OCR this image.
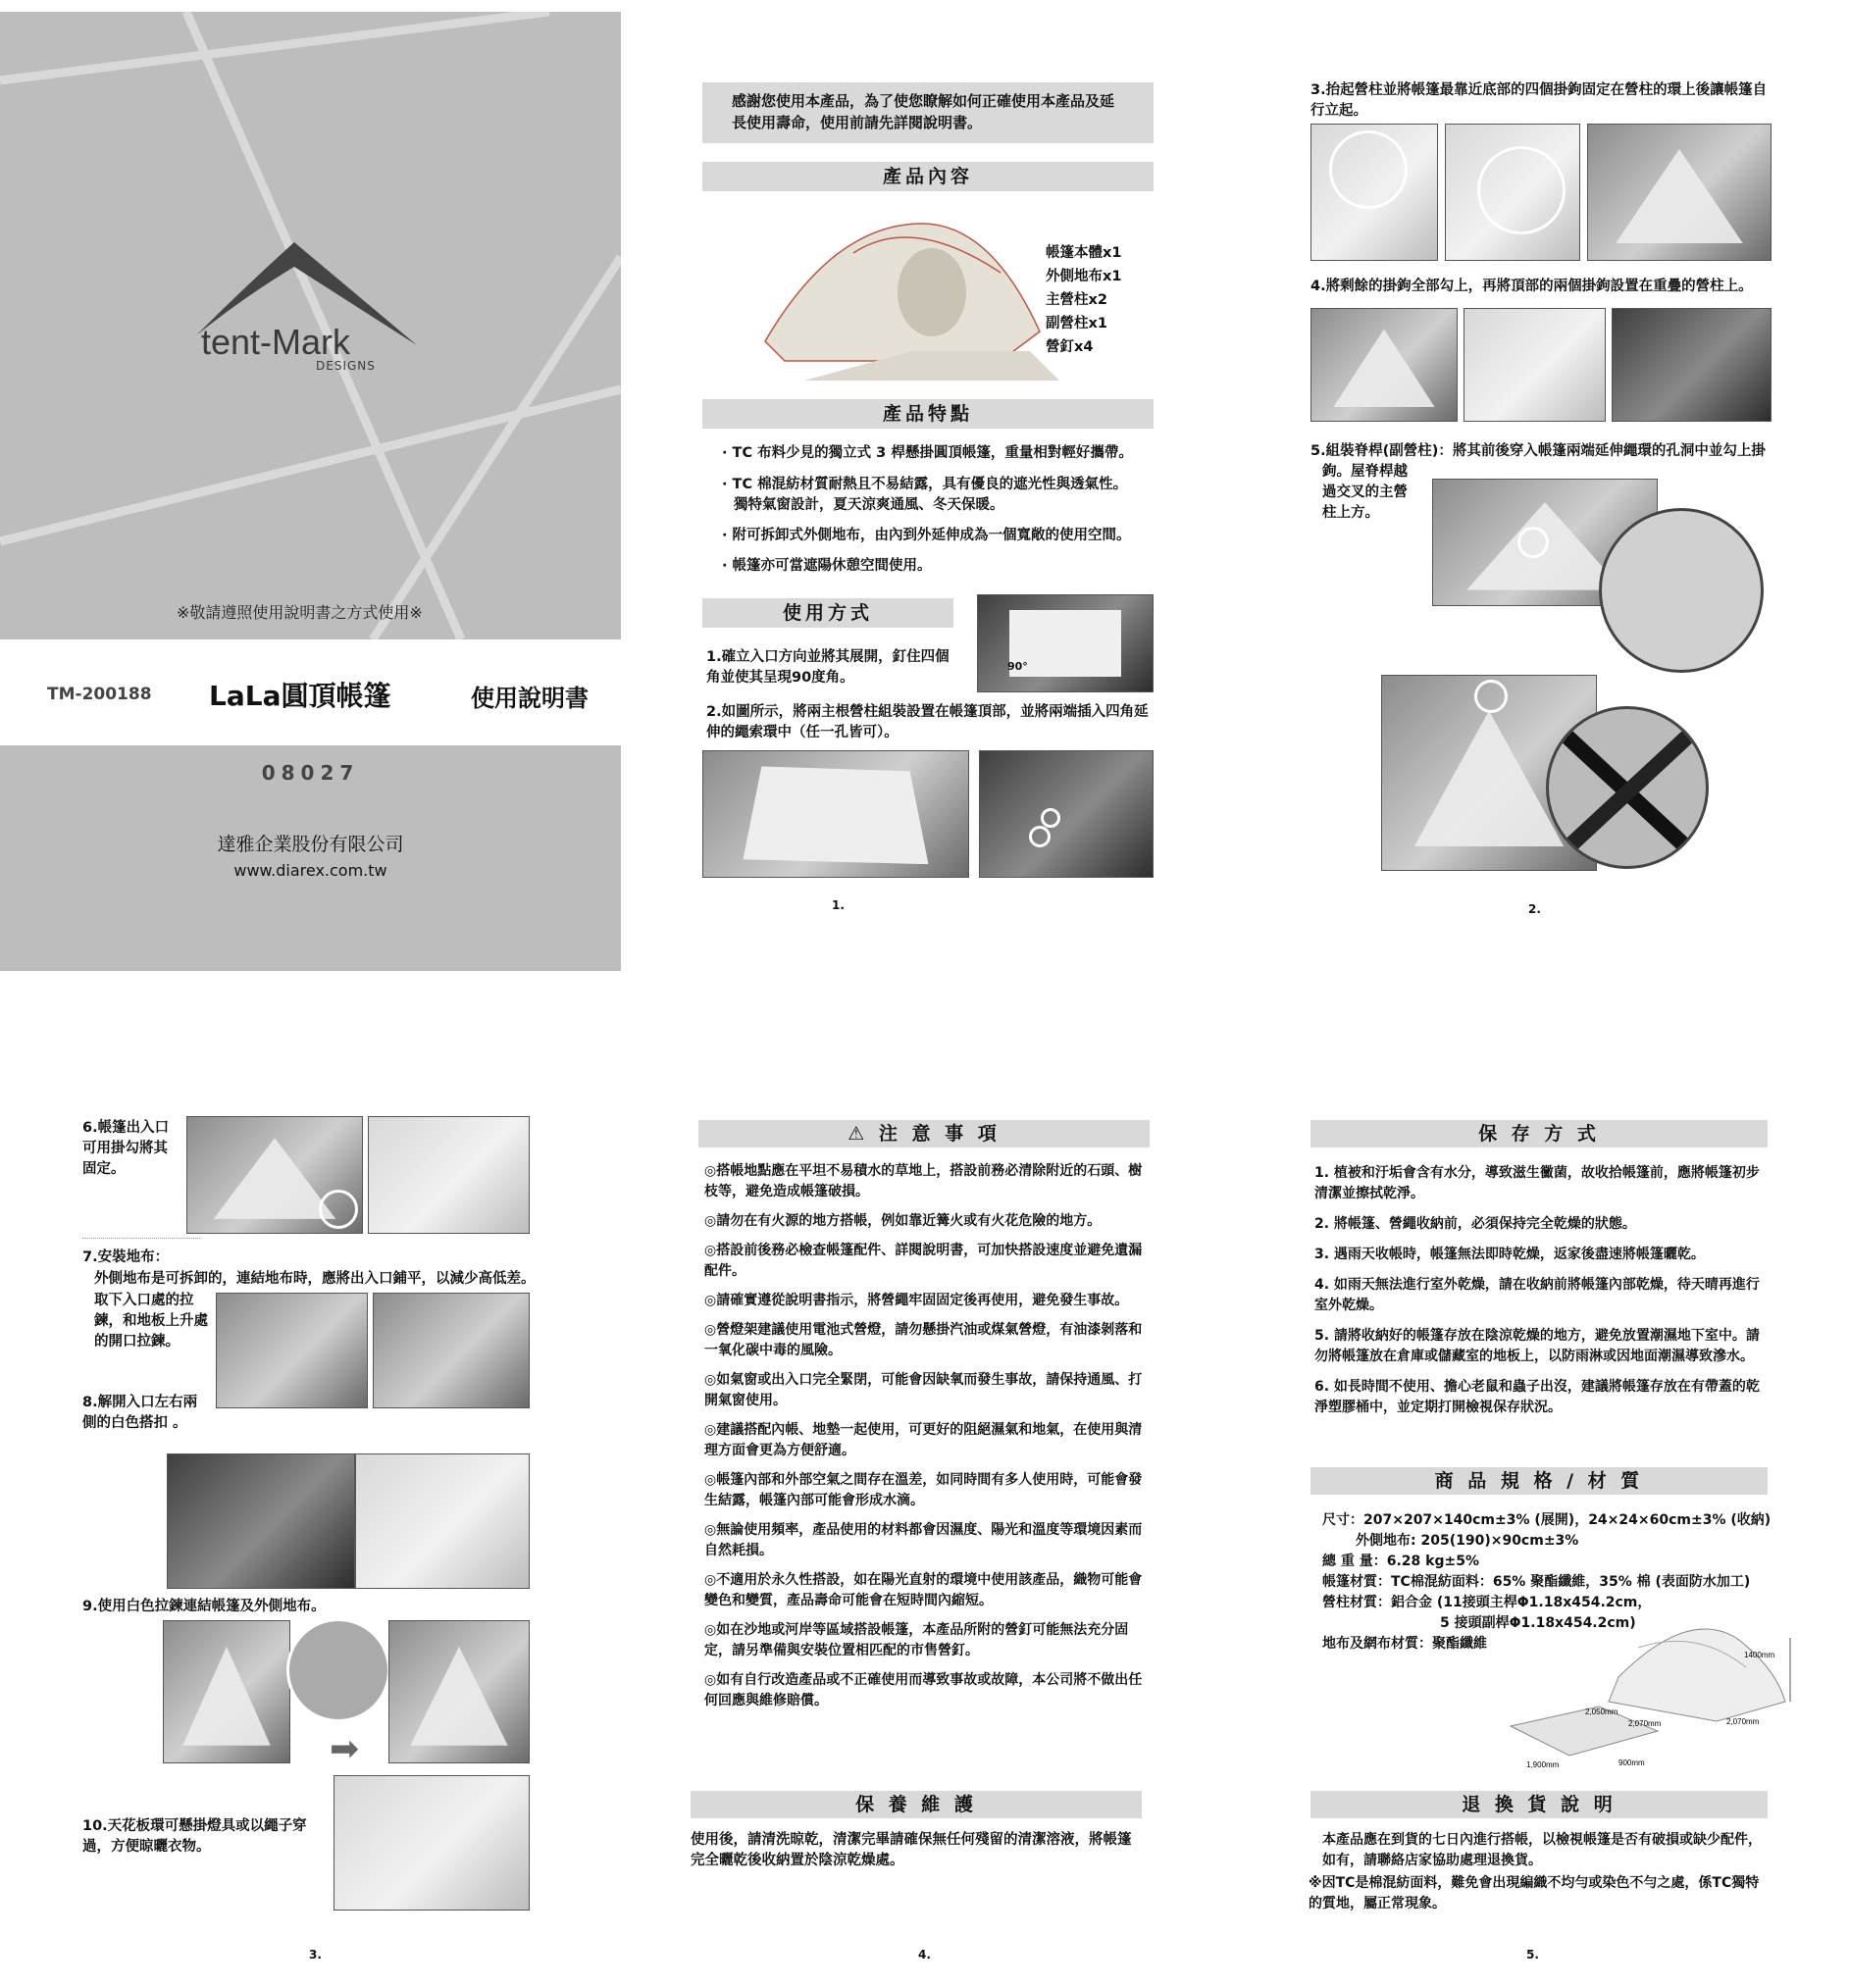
tent-Mark
DESIGNS
※敬請遵照使用說明書之方式使用※
TM-200188 LaLa圓頂帳篷	使用說明書
08027
達雅企業股份有限公司
www.diarex.com.tw
感謝您使用本產品，為了使您瞭解如何正確使用本產品及延長使用壽命，使用前請先詳閱說明書。
產品內容
帳篷本體x1
外側地布x1
主營柱x2
副營柱x1
營釘x4
產品特點
· TC 布料少見的獨立式 3 桿懸掛圓頂帳篷，重量相對輕好攜帶。
· TC 棉混紡材質耐熱且不易結露，具有優良的遮光性與透氣性。
獨特氣窗設計，夏天涼爽通風、冬天保暖。
· 附可拆卸式外側地布，由內到外延伸成為一個寬敞的使用空間。
· 帳篷亦可當遮陽休憩空間使用。
使用方式
1.確立入口方向並將其展開，釘住四個角並使其呈現90度角。
90°
2.如圖所示，將兩主根營柱組裝設置在帳篷頂部，並將兩端插入四角延伸的繩索環中（任一孔皆可）。
1.
3.抬起營柱並將帳篷最靠近底部的四個掛鉤固定在營柱的環上後讓帳篷自行立起。
4.將剩餘的掛鉤全部勾上，再將頂部的兩個掛鉤設置在重疊的營柱上。
5.組裝脊桿(副營柱)：將其前後穿入帳篷兩端延伸繩環的孔洞中並勾上掛
鉤。屋脊桿越過交叉的主營柱上方。
2.
6.帳篷出入口可用掛勾將其固定。
7.安裝地布：
外側地布是可拆卸的，連結地布時，應將出入口鋪平，以減少高低差。
取下入口處的拉鍊，和地板上升處的開口拉鍊。
8.解開入口左右兩側的白色搭扣 。
9.使用白色拉鍊連結帳篷及外側地布。
➡
10.天花板環可懸掛燈具或以繩子穿過，方便晾曬衣物。
3.
⚠ 注 意 事 項
◎搭帳地點應在平坦不易積水的草地上，搭設前務必清除附近的石頭、樹枝等，避免造成帳篷破損。
◎請勿在有火源的地方搭帳，例如靠近篝火或有火花危險的地方。
◎搭設前後務必檢查帳篷配件、詳閱說明書，可加快搭設速度並避免遺漏配件。
◎請確實遵從說明書指示，將營繩牢固固定後再使用，避免發生事故。
◎營燈架建議使用電池式營燈，請勿懸掛汽油或煤氣營燈，有油漆剝落和一氧化碳中毒的風險。
◎如氣窗或出入口完全緊閉，可能會因缺氧而發生事故，請保持通風、打開氣窗使用。
◎建議搭配內帳、地墊一起使用，可更好的阻絕濕氣和地氣，在使用與清理方面會更為方便舒適。
◎帳篷內部和外部空氣之間存在溫差，如同時間有多人使用時，可能會發生結露，帳篷內部可能會形成水滴。
◎無論使用頻率，產品使用的材料都會因濕度、陽光和溫度等環境因素而自然耗損。
◎不適用於永久性搭設，如在陽光直射的環境中使用該產品，織物可能會變色和變質，產品壽命可能會在短時間內縮短。
◎如在沙地或河岸等區域搭設帳篷，本產品所附的營釘可能無法充分固定，請另準備與安裝位置相匹配的市售營釘。
◎如有自行改造產品或不正確使用而導致事故或故障，本公司將不做出任何回應與維修賠償。
保 養 維 護
使用後，請清洗晾乾，清潔完畢請確保無任何殘留的清潔溶液，將帳篷完全曬乾後收納置於陰涼乾燥處。
4.
保 存 方 式
1. 植被和汙垢會含有水分，導致滋生黴菌，故收拾帳篷前，應將帳篷初步清潔並擦拭乾淨。
2. 將帳篷、營繩收納前，必須保持完全乾燥的狀態。
3. 遇雨天收帳時，帳篷無法即時乾燥，返家後盡速將帳篷曬乾。
4. 如雨天無法進行室外乾燥，請在收納前將帳篷內部乾燥，待天晴再進行室外乾燥。
5. 請將收納好的帳篷存放在陰涼乾燥的地方，避免放置潮濕地下室中。請勿將帳篷放在倉庫或儲藏室的地板上，以防雨淋或因地面潮濕導致滲水。
6. 如長時間不使用、擔心老鼠和蟲子出沒，建議將帳篷存放在有帶蓋的乾淨塑膠桶中，並定期打開檢視保存狀況。
商 品 規 格 / 材 質
尺寸：207×207×140cm±3% (展開)，24×24×60cm±3% (收納)
外側地布: 205(190)×90cm±3%
總 重 量：6.28 kg±5%
帳篷材質：TC棉混紡面料：65% 聚酯纖維，35% 棉 (表面防水加工)
營柱材質：鋁合金 (11接頭主桿Φ1.18x454.2cm，
5 接頭副桿Φ1.18x454.2cm)
地布及網布材質：聚酯纖維
1400mm
2,070mm	2,070mm
1,900mm	900mm
2,050mm
退 換 貨 說 明
本產品應在到貨的七日內進行搭帳，以檢視帳篷是否有破損或缺少配件，如有，請聯絡店家協助處理退換貨。
※因TC是棉混紡面料，難免會出現編織不均勻或染色不勻之處，係TC獨特的質地，屬正常現象。
5.
